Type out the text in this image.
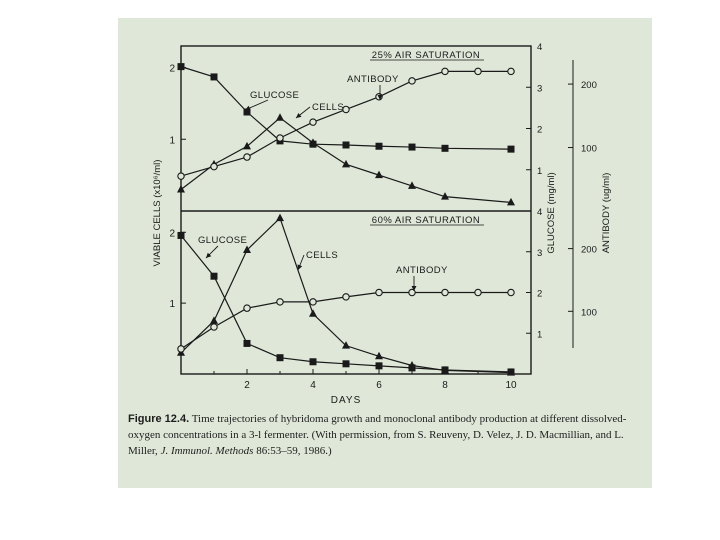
2	4	6	8	10
DAYS
VIABLE CELLS (x10⁶/ml)	GLUCOSE (mg/ml)	ANTIBODY (ug/ml)
25% AIR SATURATION
1
2
1
2
3
4
100
200
60% AIR SATURATION
1
2
1
2
3
4
100
200
GLUCOSE
CELLS
ANTIBODY
GLUCOSE
CELLS
ANTIBODY
Figure 12.4. Time trajectories of hybridoma growth and monoclonal antibody production at different dissolved-oxygen concentrations in a 3-l fermenter. (With permission, from S. Reuveny, D. Velez, J. D. Macmillian, and L. Miller, J. Immunol. Methods 86:53–59, 1986.)
